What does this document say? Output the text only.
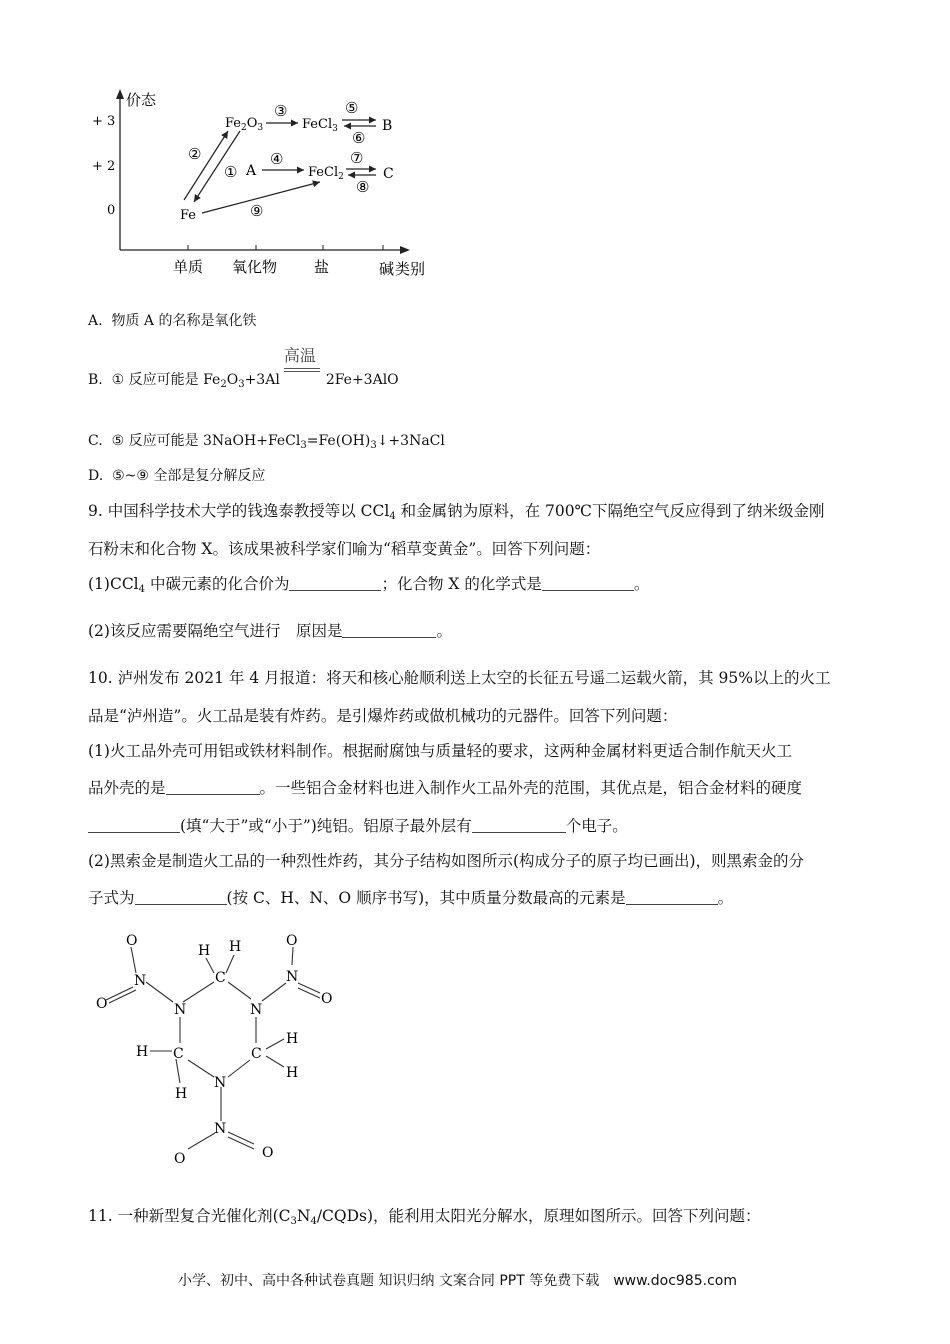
价态
+ 3
+ 2
0
单质 氧化物 盐	碱 类别
$Fe_2O_3$	FeCl$_3$	B
A	FeCl$_2$	C
Fe
②
①
③	⑤
⑥
④	⑦
⑧
⑨
A. 物质 A 的名称是氧化铁
B. ① 反应可能是 $Fe_2O_3+3Al$
高温
2Fe+3AlO
C. ⑤ 反应可能是 $3NaOH+FeCl_3=Fe(OH)_3↓+3NaCl$
D. ⑤~⑨ 全部是复分解反应
9. 中国科学技术大学的钱逸泰教授等以 CCl$_4$ 和金属钠为原料，在 700℃下隔绝空气反应得到了纳米级金刚
石粉末和化合物 X。该成果被科学家们喻为“稻草变黄金”。回答下列问题：
(1)CCl$_4$ 中碳元素的化合价为	；化合物 X 的化学式是	。
(2)该反应需要隔绝空气进行　原因是	。
10. 泸州发布 2021 年 4 月报道：将天和核心舱顺利送上太空的长征五号遥二运载火箭，其 95%以上的火工
品是“泸州造”。火工品是装有炸药。是引爆炸药或做机械功的元器件。回答下列问题：
(1)火工品外壳可用铝或铁材料制作。根据耐腐蚀与质量轻的要求，这两种金属材料更适合制作航天火工
品外壳的是	。一些铝合金材料也进入制作火工品外壳的范围，其优点是，铝合金材料的硬度
(填“大于”或“小于”)纯铝。铝原子最外层有	个电子。
(2)黑索金是制造火工品的一种烈性炸药，其分子结构如图所示(构成分子的原子均已画出)，则黑索金的分
子式为	(按 C、H、N、O 顺序书写)，其中质量分数最高的元素是	。
O
N
O
H H
C
N	N
O
N
O
H C
H
C
H
H
N
N
O	O
11. 一种新型复合光催化剂$(C_3N_4/CQDs)$，能利用太阳光分解水，原理如图所示。回答下列问题：
小学、初中、高中各种试卷真题 知识归纳 文案合同 PPT 等免费下载　www.doc985.com
